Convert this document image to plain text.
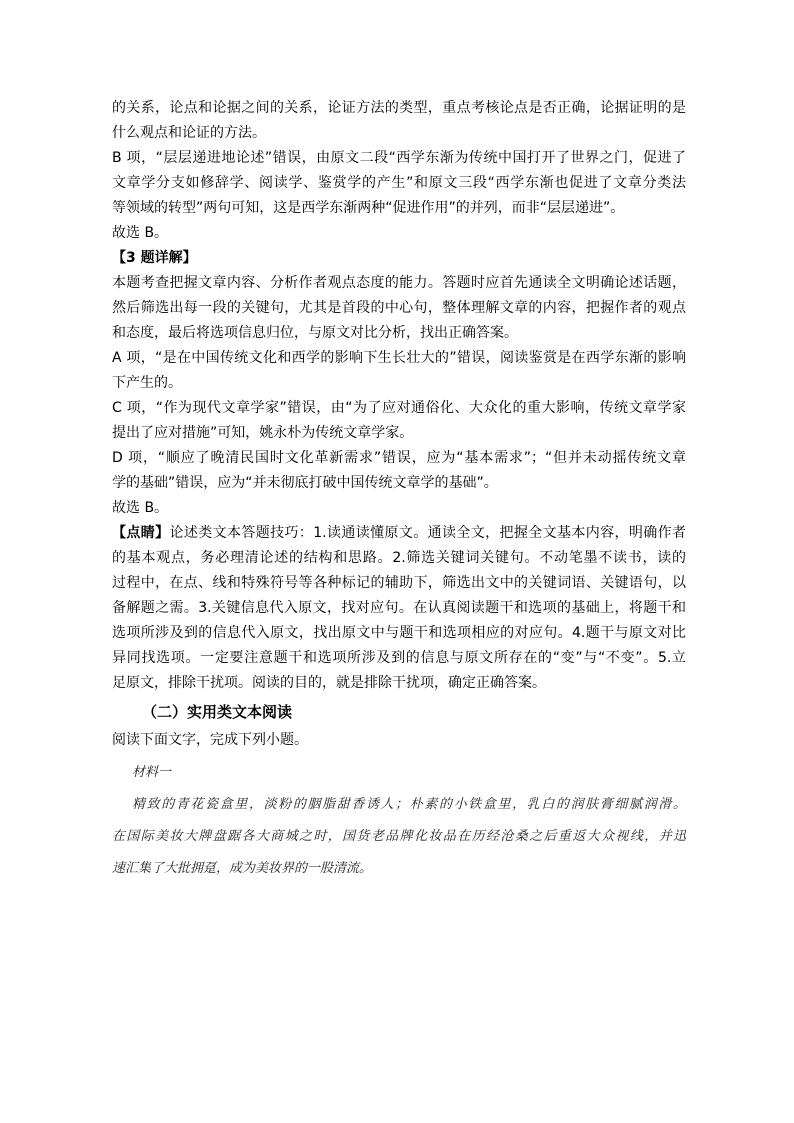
的关系，论点和论据之间的关系，论证方法的类型，重点考核论点是否正确，论据证明的是
什么观点和论证的方法。
B 项，“层层递进地论述”错误，由原文二段“西学东渐为传统中国打开了世界之门，促进了
文章学分支如修辞学、阅读学、鉴赏学的产生”和原文三段“西学东渐也促进了文章分类法
等领域的转型”两句可知，这是西学东渐两种“促进作用”的并列，而非“层层递进”。
故选 B。
【3 题详解】
本题考查把握文章内容、分析作者观点态度的能力。答题时应首先通读全文明确论述话题，
然后筛选出每一段的关键句，尤其是首段的中心句，整体理解文章的内容，把握作者的观点
和态度，最后将选项信息归位，与原文对比分析，找出正确答案。
A 项，“是在中国传统文化和西学的影响下生长壮大的”错误，阅读鉴赏是在西学东渐的影响
下产生的。
C 项，“作为现代文章学家”错误，由“为了应对通俗化、大众化的重大影响，传统文章学家
提出了应对措施”可知，姚永朴为传统文章学家。
D 项，“顺应了晚清民国时文化革新需求”错误，应为“基本需求”；“但并未动摇传统文章
学的基础”错误，应为“并未彻底打破中国传统文章学的基础”。
故选 B。
【点睛】论述类文本答题技巧：1.读通读懂原文。通读全文，把握全文基本内容，明确作者
的基本观点，务必理清论述的结构和思路。2.筛选关键词关键句。不动笔墨不读书，读的
过程中，在点、线和特殊符号等各种标记的辅助下，筛选出文中的关键词语、关键语句，以
备解题之需。3.关键信息代入原文，找对应句。在认真阅读题干和选项的基础上，将题干和
选项所涉及到的信息代入原文，找出原文中与题干和选项相应的对应句。4.题干与原文对比
异同找选项。一定要注意题干和选项所涉及到的信息与原文所存在的“变”与“不变”。5.立
足原文，排除干扰项。阅读的目的，就是排除干扰项，确定正确答案。
（二）实用类文本阅读
阅读下面文字，完成下列小题。
材料一
精致的青花瓷盒里，淡粉的胭脂甜香诱人；朴素的小铁盒里，乳白的润肤膏细腻润滑。
在国际美妆大牌盘踞各大商城之时，国货老品牌化妆品在历经沧桑之后重返大众视线，并迅
速汇集了大批拥趸，成为美妆界的一股清流。
